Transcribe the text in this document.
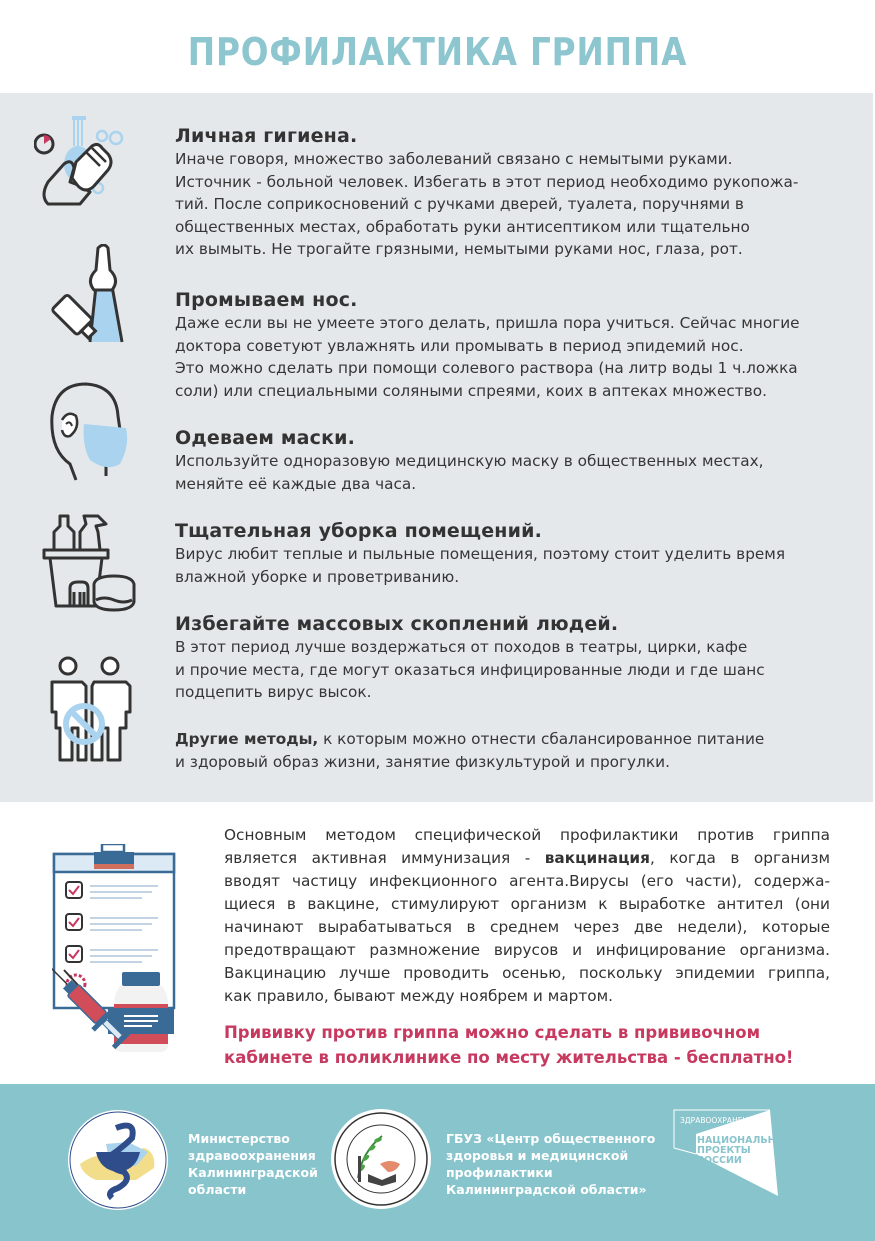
ПРОФИЛАКТИКА ГРИППА
Личная гигиена.

Иначе говоря, множество заболеваний связано с немытыми руками.
Источник - больной человек. Избегать в этот период необходимо рукопожа-
тий. После соприкосновений с ручками дверей, туалета, поручнями в
общественных местах, обработать руки антисептиком или тщательно
их вымыть. Не трогайте грязными, немытыми руками нос, глаза, рот.

Промываем нос.

Даже если вы не умеете этого делать, пришла пора учиться. Сейчас многие
доктора советуют увлажнять или промывать в период эпидемий нос.
Это можно сделать при помощи солевого раствора (на литр воды 1 ч.ложка
соли) или специальными соляными спреями, коих в аптеках множество.

Одеваем маски.

Используйте одноразовую медицинскую маску в общественных местах,
меняйте её каждые два часа.

Тщательная уборка помещений.

Вирус любит теплые и пыльные помещения, поэтому стоит уделить время
влажной уборке и проветриванию.

Избегайте массовых скоплений людей.

В этот период лучше воздержаться от походов в театры, цирки, кафе
и прочие места, где могут оказаться инфицированные люди и где шанс
подцепить вирус высок.

Другие методы, к которым можно отнести сбалансированное питание
и здоровый образ жизни, занятие физкультурой и прогулки.

Основным методом специфической профилактики против гриппа
является активная иммунизация - вакцинация, когда в организм
вводят частицу инфекционного агента.Вирусы (его части), содержа-
щиеся в вакцине, стимулируют организм к выработке антител (они
начинают вырабатываться в среднем через две недели), которые
предотвращают размножение вирусов и инфицирование организма.
Вакцинацию лучше проводить осенью, поскольку эпидемии гриппа,
как правило, бывают между ноябрем и мартом.
Прививку против гриппа можно сделать в прививочном
кабинете в поликлинике по месту жительства - бесплатно!
Министерство
здравоохранения
Калининградской
области
ГБУЗ «Центр общественного
здоровья и медицинской
профилактики
Калининградской области»
ЗДРАВООХРАНЕНИЕ
НАЦИОНАЛЬНЫЕ
ПРОЕКТЫ
РОССИИ
